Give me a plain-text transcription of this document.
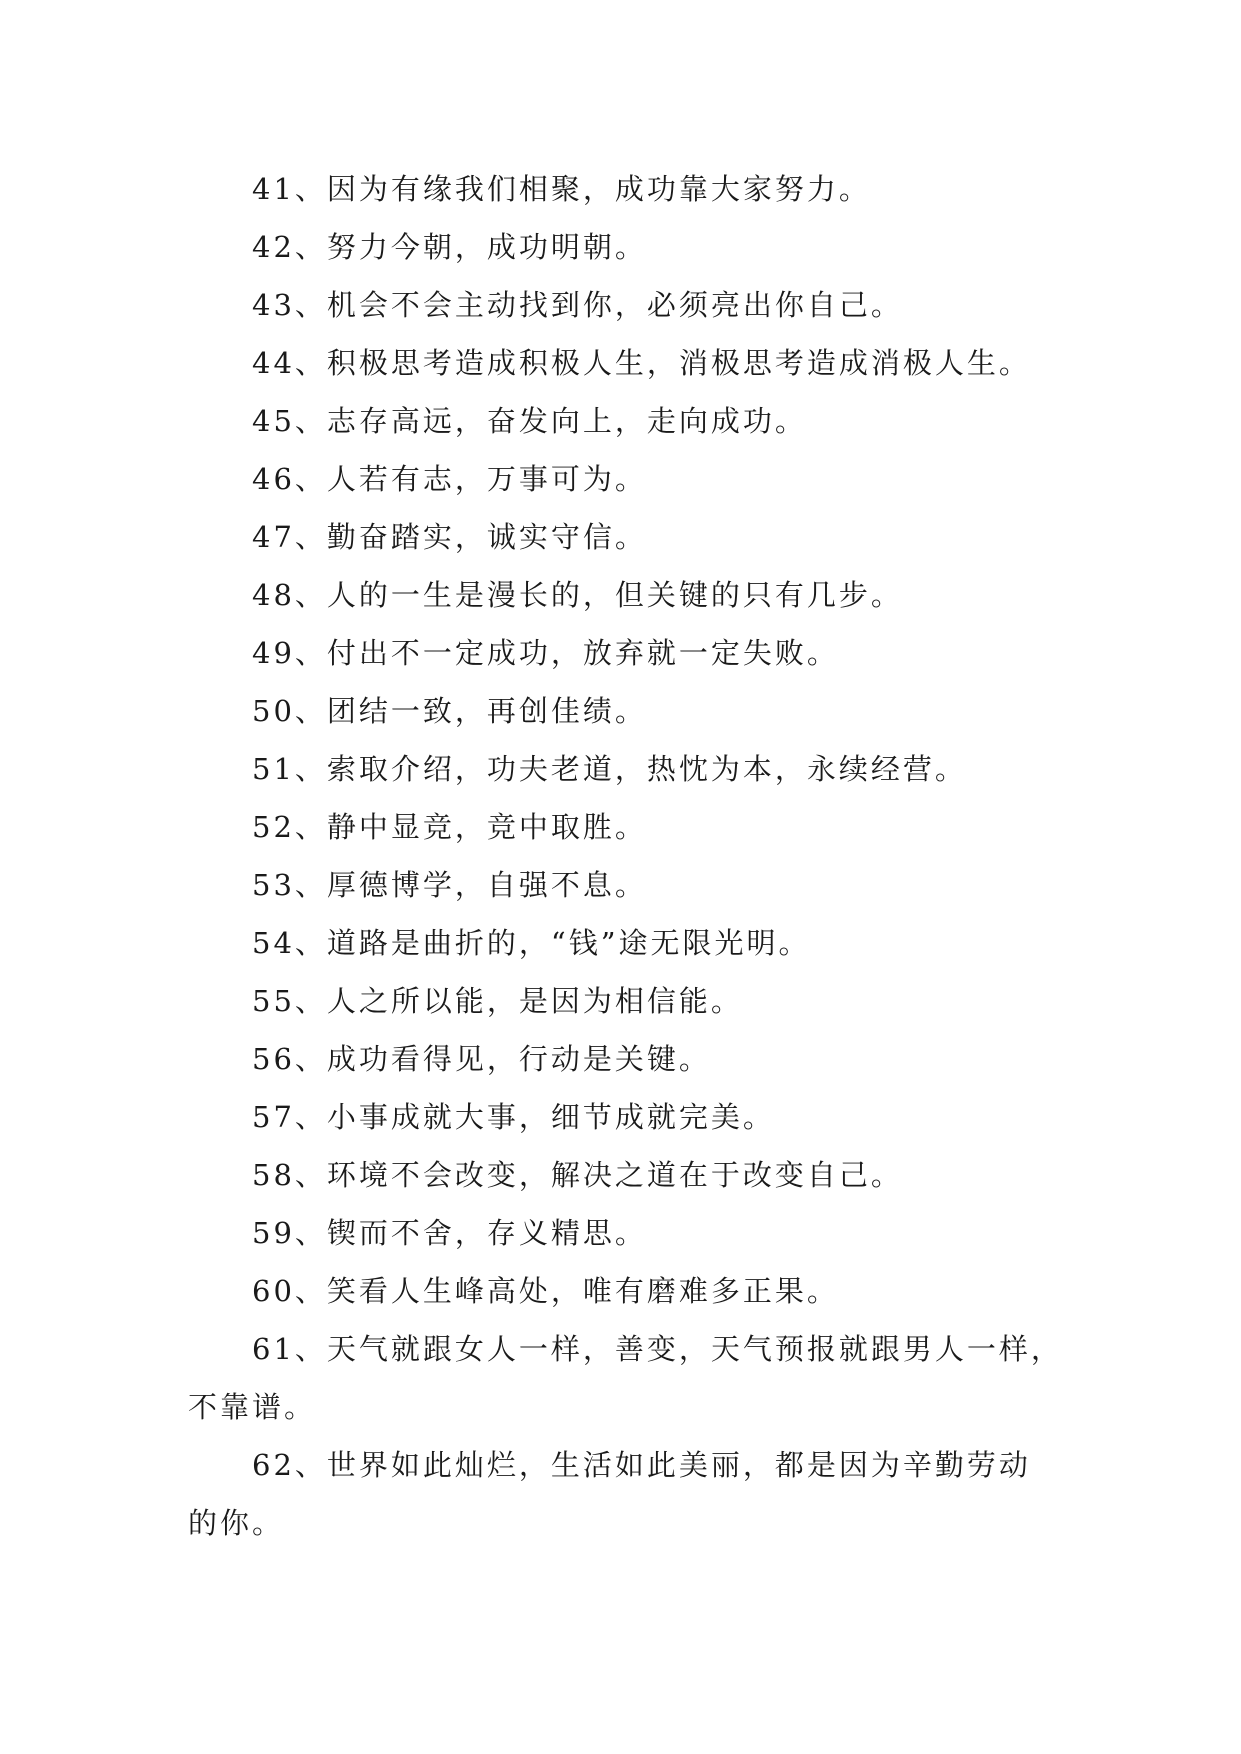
41、因为有缘我们相聚，成功靠大家努力。
42、努力今朝，成功明朝。
43、机会不会主动找到你，必须亮出你自己。
44、积极思考造成积极人生，消极思考造成消极人生。
45、志存高远，奋发向上，走向成功。
46、人若有志，万事可为。
47、勤奋踏实，诚实守信。
48、人的一生是漫长的，但关键的只有几步。
49、付出不一定成功，放弃就一定失败。
50、团结一致，再创佳绩。
51、索取介绍，功夫老道，热忱为本，永续经营。
52、静中显竞，竞中取胜。
53、厚德博学，自强不息。
54、道路是曲折的，“钱”途无限光明。
55、人之所以能，是因为相信能。
56、成功看得见，行动是关键。
57、小事成就大事，细节成就完美。
58、环境不会改变，解决之道在于改变自己。
59、锲而不舍，存义精思。
60、笑看人生峰高处，唯有磨难多正果。
61、天气就跟女人一样，善变，天气预报就跟男人一样，
不靠谱。
62、世界如此灿烂，生活如此美丽，都是因为辛勤劳动
的你。
